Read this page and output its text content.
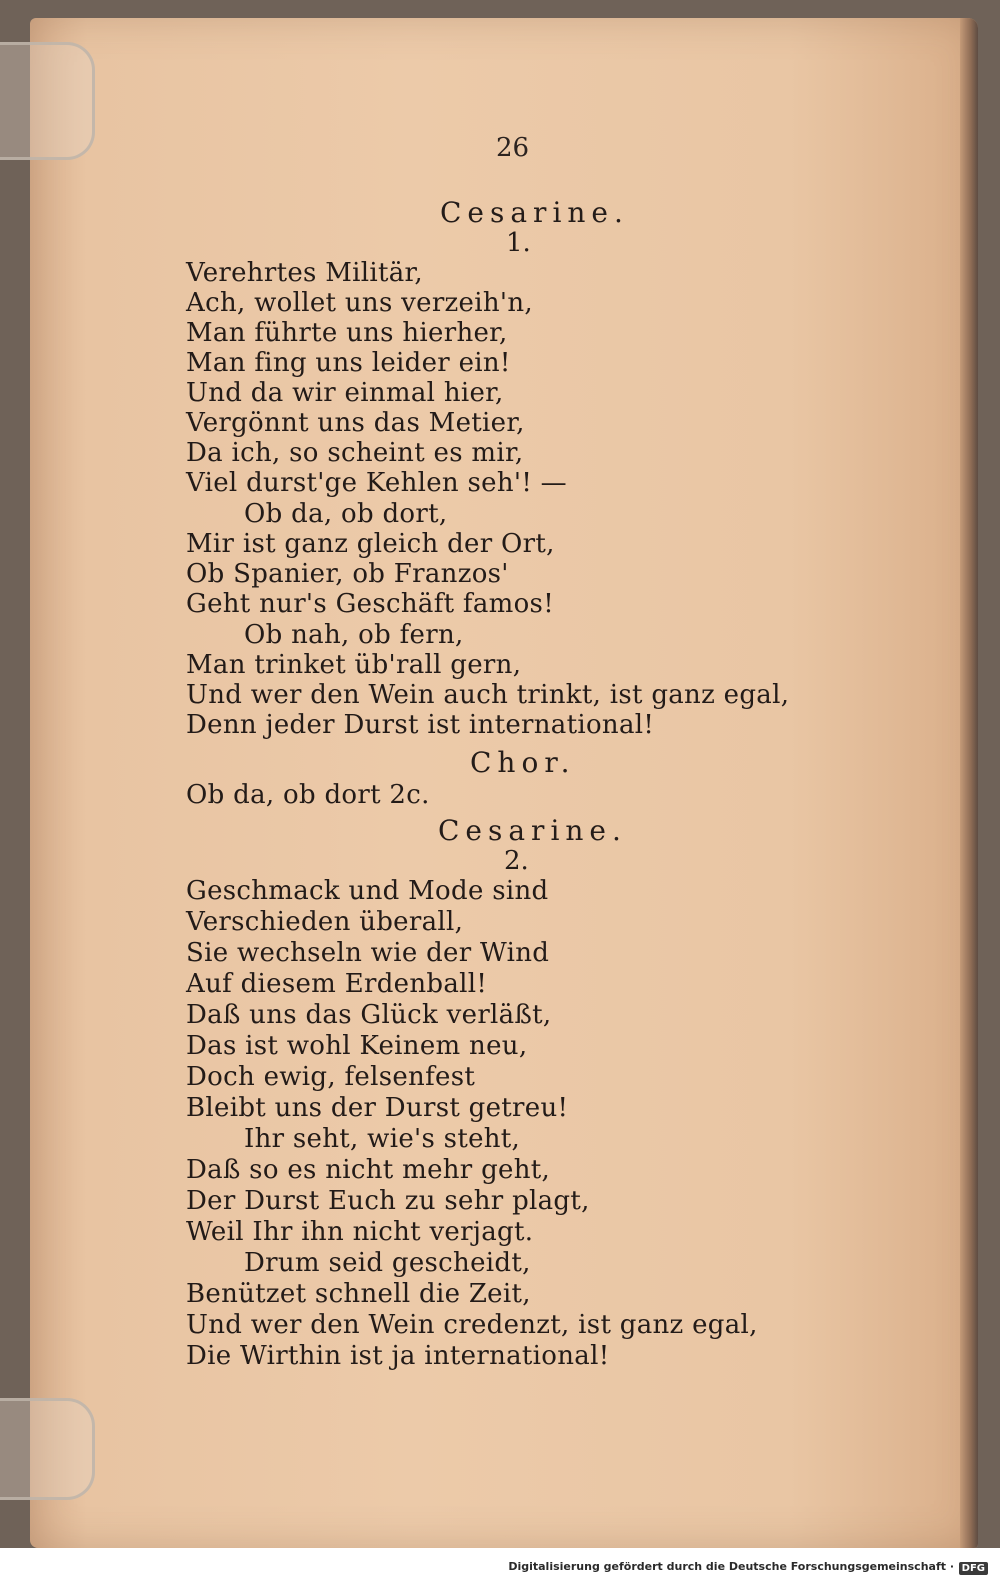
26
Cesarine.
1.
Verehrtes Militär,
Ach, wollet uns verzeih'n,
Man führte uns hierher,
Man fing uns leider ein!
Und da wir einmal hier,
Vergönnt uns das Metier,
Da ich, so scheint es mir,
Viel durst'ge Kehlen seh'! —
Ob da, ob dort,
Mir ist ganz gleich der Ort,
Ob Spanier, ob Franzos'
Geht nur's Geschäft famos!
Ob nah, ob fern,
Man trinket üb'rall gern,
Und wer den Wein auch trinkt, ist ganz egal,
Denn jeder Durst ist international!
Chor.
Ob da, ob dort 2c.
Cesarine.
2.
Geschmack und Mode sind
Verschieden überall,
Sie wechseln wie der Wind
Auf diesem Erdenball!
Daß uns das Glück verläßt,
Das ist wohl Keinem neu,
Doch ewig, felsenfest
Bleibt uns der Durst getreu!
Ihr seht, wie's steht,
Daß so es nicht mehr geht,
Der Durst Euch zu sehr plagt,
Weil Ihr ihn nicht verjagt.
Drum seid gescheidt,
Benützet schnell die Zeit,
Und wer den Wein credenzt, ist ganz egal,
Die Wirthin ist ja international!
Digitalisierung gefördert durch die Deutsche Forschungsgemeinschaft · DFG
